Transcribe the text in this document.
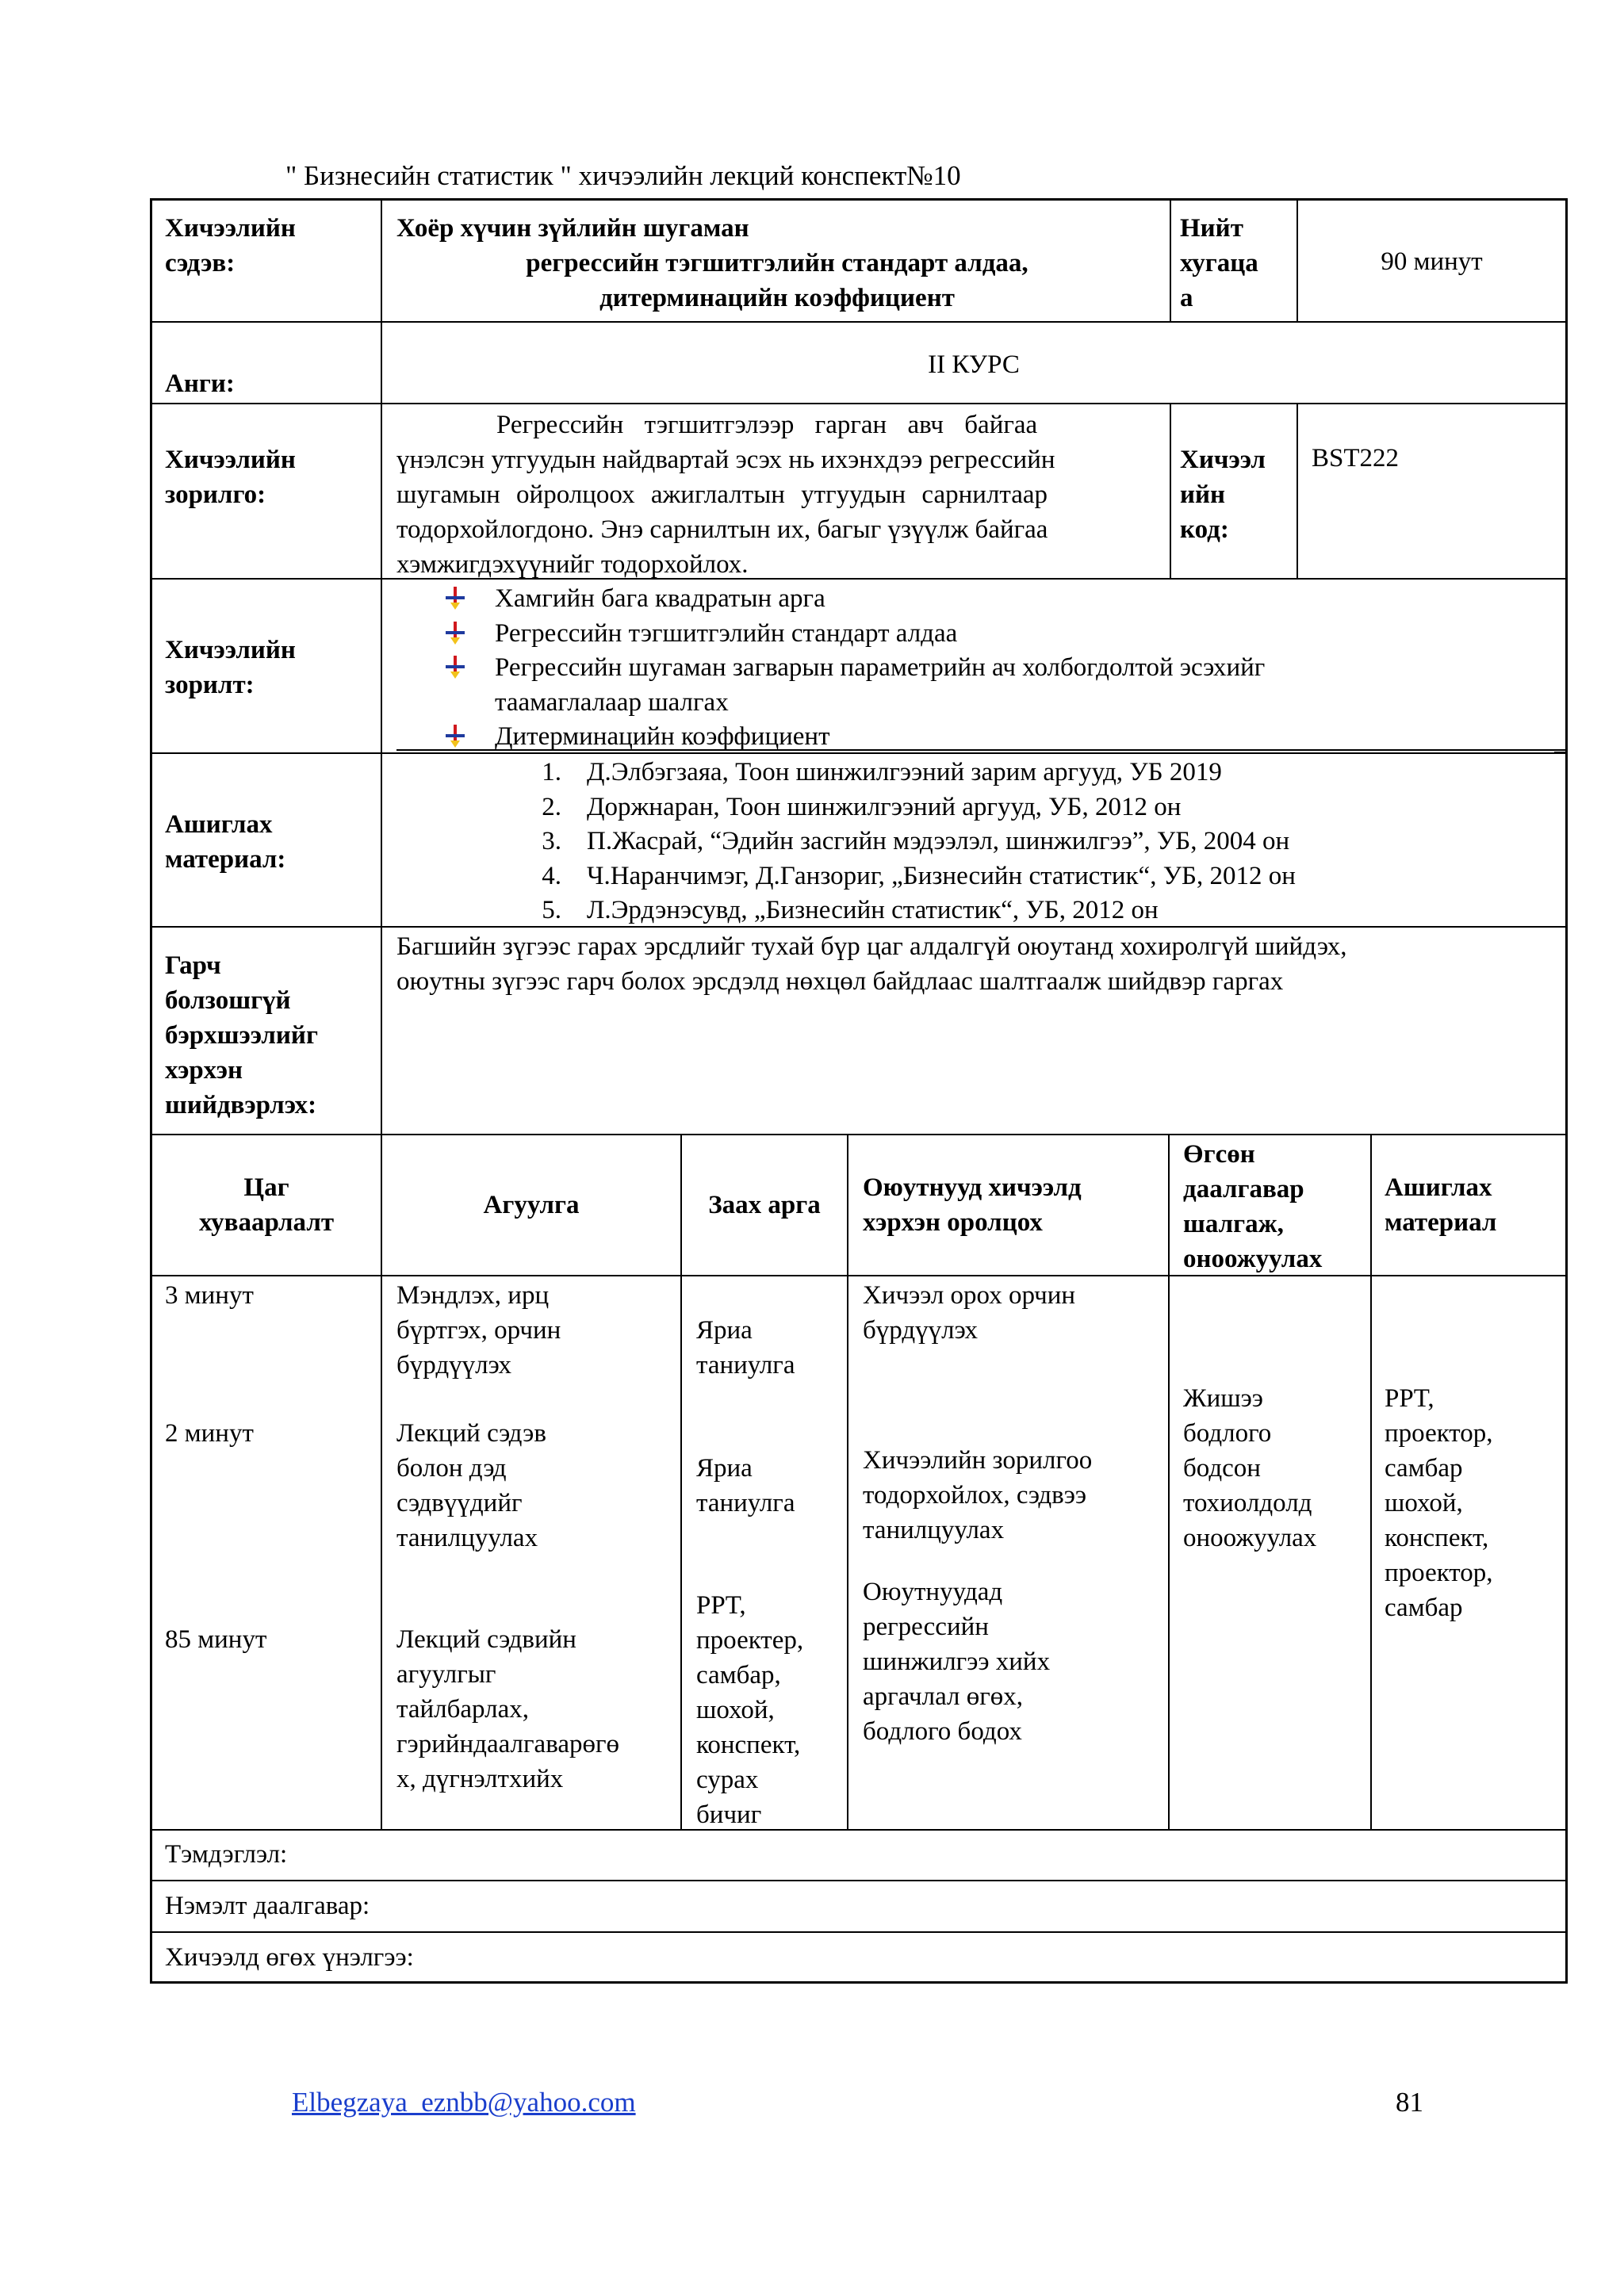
" Бизнесийн статистик " хичээлийн лекций конспект№10
Хичээлийн
сэдэв:
Хоёр хүчин зүйлийн шугаман
регрессийн тэгшитгэлийн стандарт алдаа,
дитерминацийн коэффициент
Нийт
хугаца
а
90 минут
Анги:
II КУРС
Хичээлийн
зорилго:
Регрессийн тэгшитгэлээр гарган авч байгаа
үнэлсэн утгуудын найдвартай эсэх нь ихэнхдээ регрессийн
шугамын ойролцоох ажиглалтын утгуудын сарнилтаар
тодорхойлогдоно. Энэ сарнилтын их, багыг үзүүлж байгаа
хэмжигдэхүүнийг тодорхойлох.
Хичээл
ийн
код:
BST222
Хичээлийн
зорилт:
Хамгийн бага квадратын арга
Регрессийн тэгшитгэлийн стандарт алдаа
Регрессийн шугаман загварын параметрийн ач холбогдолтой эсэхийг
таамаглалаар шалгах
Дитерминацийн коэффициент
Ашиглах
материал:
1. Д.Элбэгзаяа, Тоон шинжилгээний зарим аргууд, УБ 2019
2. Доржнаран, Тоон шинжилгээний аргууд, УБ, 2012 он
3. П.Жасрай, “Эдийн засгийн мэдээлэл, шинжилгээ”, УБ, 2004 он
4. Ч.Наранчимэг, Д.Ганзориг, „Бизнесийн статистик“, УБ, 2012 он
5. Л.Эрдэнэсувд, „Бизнесийн статистик“, УБ, 2012 он
Гарч
болзошгүй
бэрхшээлийг
хэрхэн
шийдвэрлэх:
Багшийн зүгээс гарах эрсдлийг тухай бүр цаг алдалгүй оюутанд хохиролгүй шийдэх,
оюутны зүгээс гарч болох эрсдэлд нөхцөл байдлаас шалтгаалж шийдвэр гаргах
Цаг
хуваарлалт
Агуулга	Заах арга
Оюутнууд хичээлд
хэрхэн оролцох
Өгсөн
даалгавар
шалгаж,
оноожуулах
Ашиглах
материал
3 минут
2 минут
85 минут
Мэндлэх, ирц
бүртгэх, орчин
бүрдүүлэх
Лекций сэдэв
болон дэд
сэдвүүдийг
танилцуулах
Лекций сэдвийн
агуулгыг
тайлбарлах,
гэрийндаалгаварөгө
х, дүгнэлтхийх
Яриа
таниулга
Яриа
таниулга
PPT,
проектер,
самбар,
шохой,
конспект,
сурах
бичиг
Хичээл орох орчин
бүрдүүлэх
Хичээлийн зорилгоо
тодорхойлох, сэдвээ
танилцуулах
Оюутнуудад
регрессийн
шинжилгээ хийх
аргачлал өгөх,
бодлого бодох
Жишээ
бодлого
бодсон
тохиолдолд
оноожуулах
PPT,
проектор,
самбар
шохой,
конспект,
проектор,
самбар
Тэмдэглэл:
Нэмэлт даалгавар:
Хичээлд өгөх үнэлгээ:
Elbegzaya_eznbb@yahoo.com	81
